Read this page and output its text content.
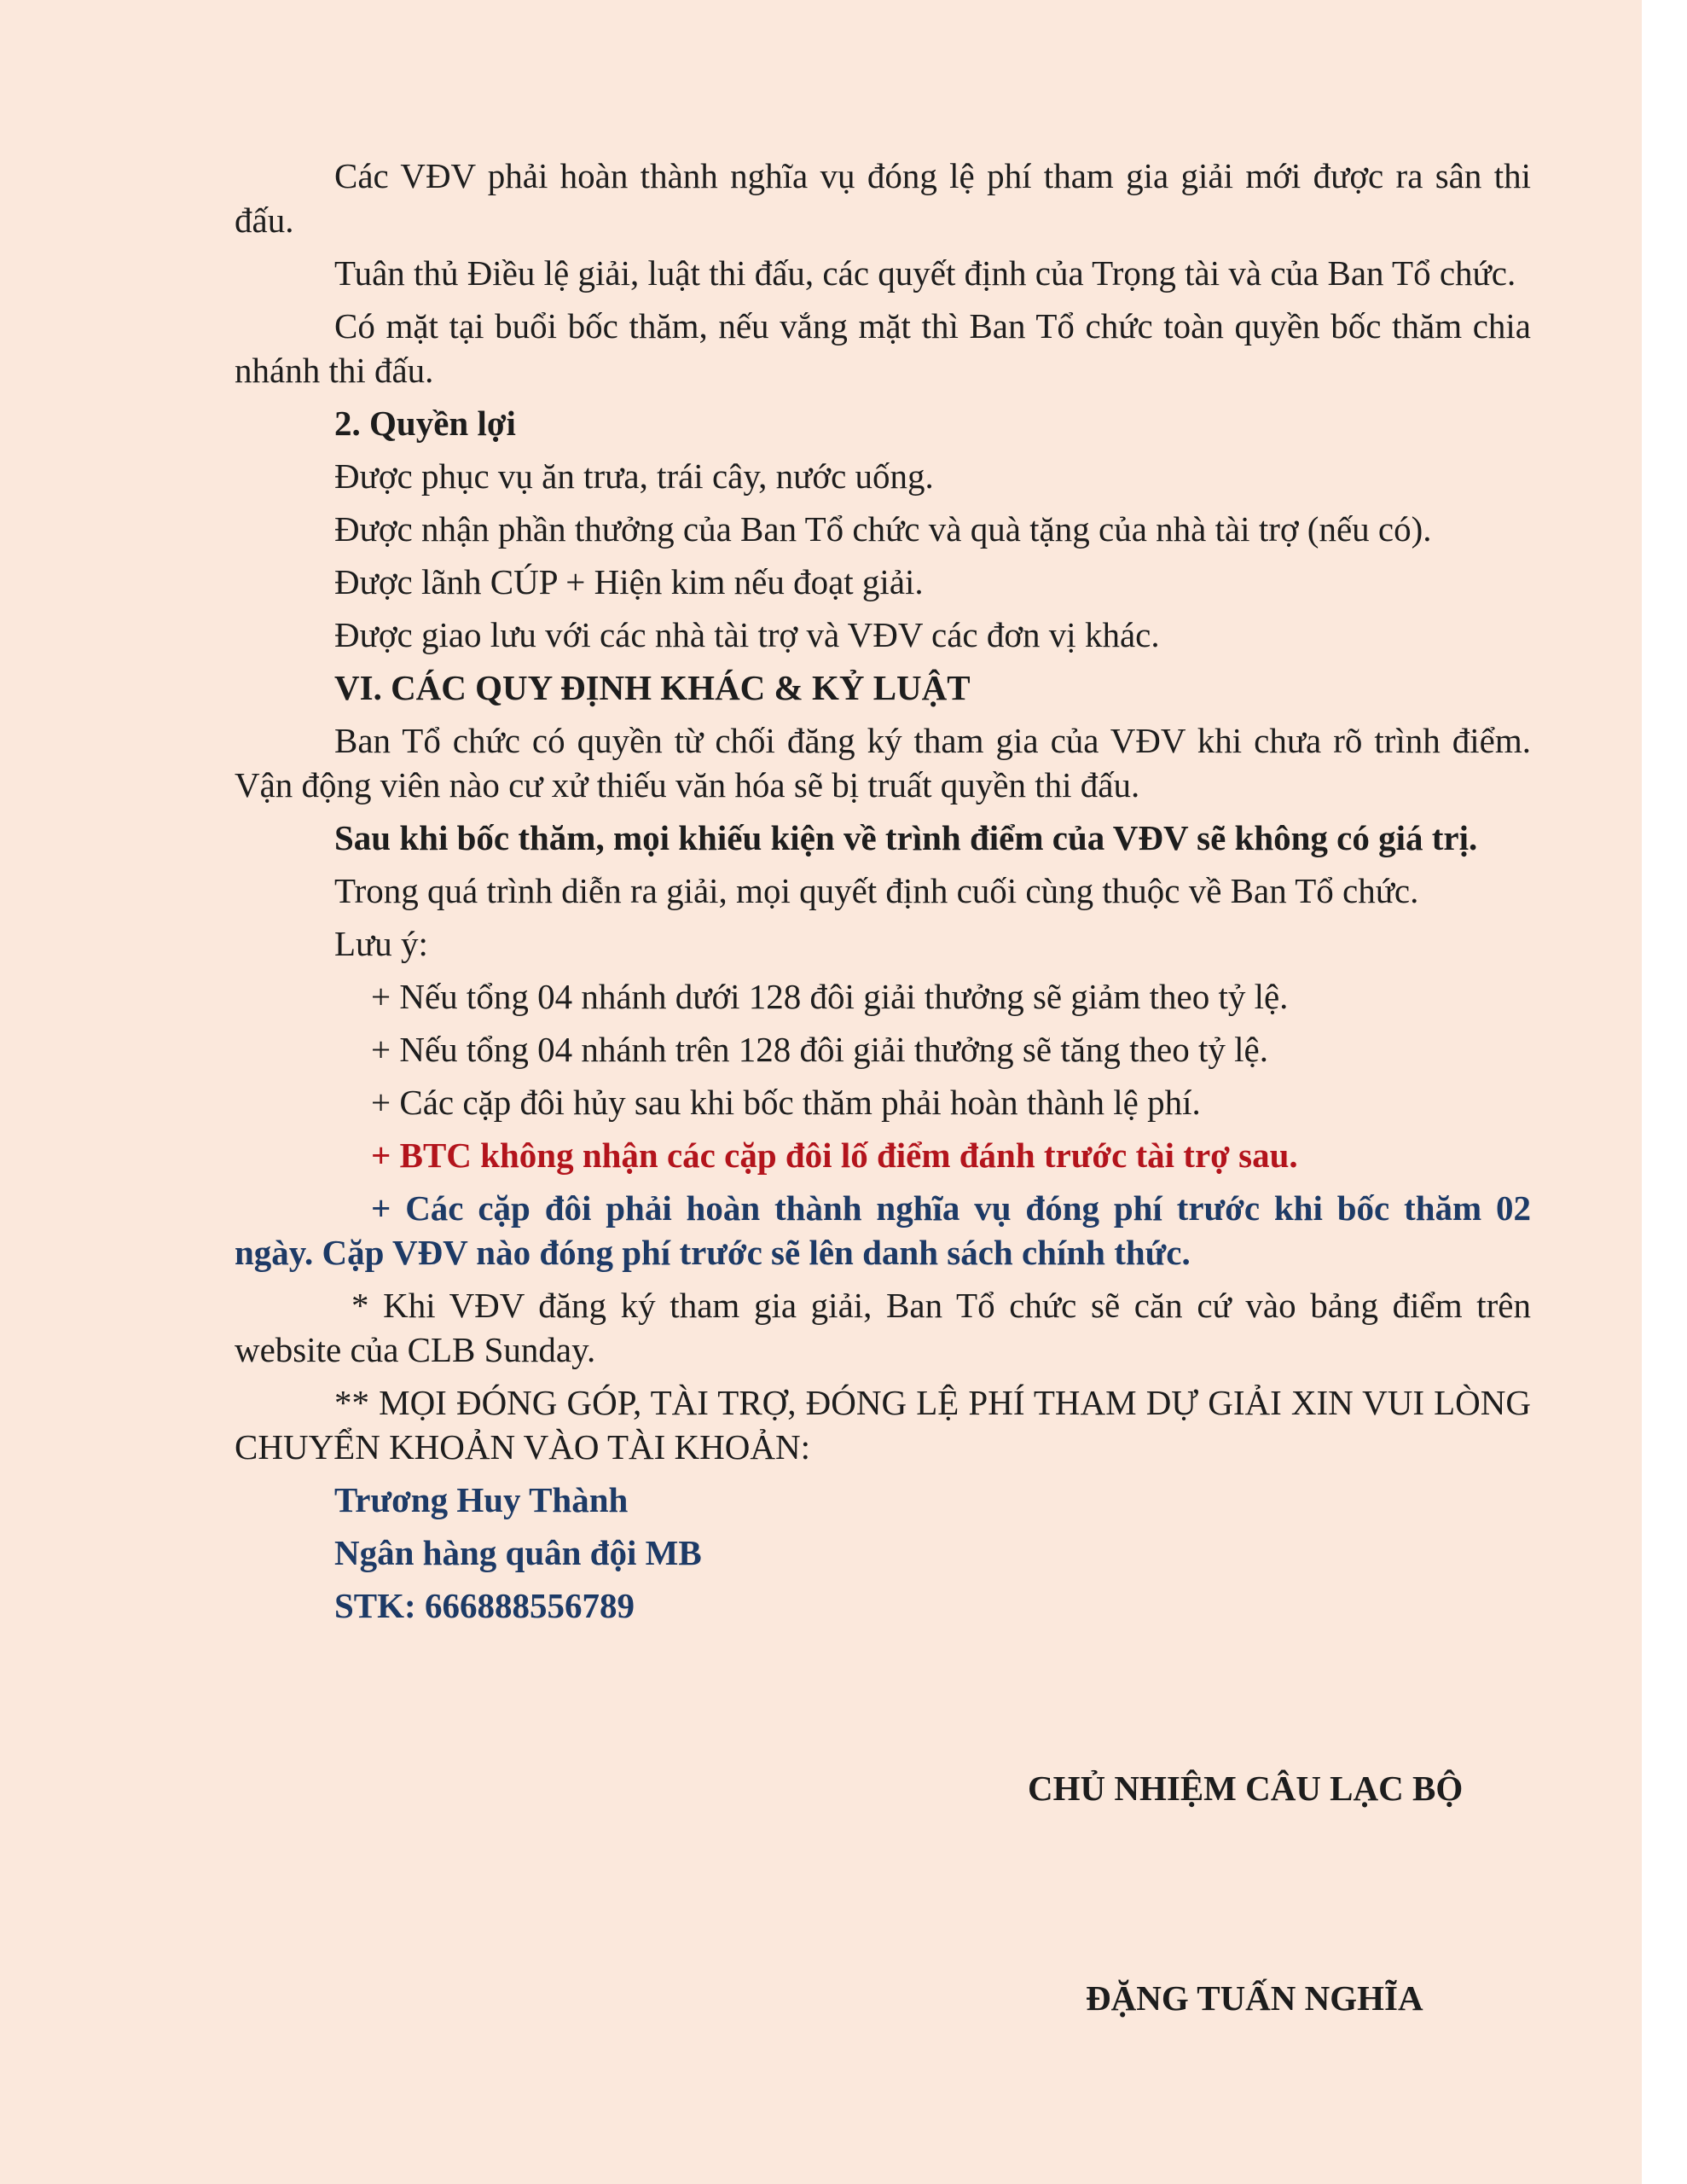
Các VĐV phải hoàn thành nghĩa vụ đóng lệ phí tham gia giải mới được ra sân thi đấu.

Tuân thủ Điều lệ giải, luật thi đấu, các quyết định của Trọng tài và của Ban Tổ chức.

Có mặt tại buổi bốc thăm, nếu vắng mặt thì Ban Tổ chức toàn quyền bốc thăm chia nhánh thi đấu.

2. Quyền lợi

Được phục vụ ăn trưa, trái cây, nước uống.

Được nhận phần thưởng của Ban Tổ chức và quà tặng của nhà tài trợ (nếu có).

Được lãnh CÚP + Hiện kim nếu đoạt giải.

Được giao lưu với các nhà tài trợ và VĐV các đơn vị khác.

VI. CÁC QUY ĐỊNH KHÁC & KỶ LUẬT

Ban Tổ chức có quyền từ chối đăng ký tham gia của VĐV khi chưa rõ trình điểm. Vận động viên nào cư xử thiếu văn hóa sẽ bị truất quyền thi đấu.

Sau khi bốc thăm, mọi khiếu kiện về trình điểm của VĐV sẽ không có giá trị.

Trong quá trình diễn ra giải, mọi quyết định cuối cùng thuộc về Ban Tổ chức.

Lưu ý:

+ Nếu tổng 04 nhánh dưới 128 đôi giải thưởng sẽ giảm theo tỷ lệ.
+ Nếu tổng 04 nhánh trên 128 đôi giải thưởng sẽ tăng theo tỷ lệ.
+ Các cặp đôi hủy sau khi bốc thăm phải hoàn thành lệ phí.
+ BTC không nhận các cặp đôi lố điểm đánh trước tài trợ sau.
+ Các cặp đôi phải hoàn thành nghĩa vụ đóng phí trước khi bốc thăm 02 ngày. Cặp VĐV nào đóng phí trước sẽ lên danh sách chính thức.

* Khi VĐV đăng ký tham gia giải, Ban Tổ chức sẽ căn cứ vào bảng điểm trên website của CLB Sunday.

** MỌI ĐÓNG GÓP, TÀI TRỢ, ĐÓNG LỆ PHÍ THAM DỰ GIẢI XIN VUI LÒNG CHUYỂN KHOẢN VÀO TÀI KHOẢN:

Trương Huy Thành
Ngân hàng quân đội MB
STK: 666888556789
CHỦ NHIỆM CÂU LẠC BỘ
ĐẶNG TUẤN NGHĨA
